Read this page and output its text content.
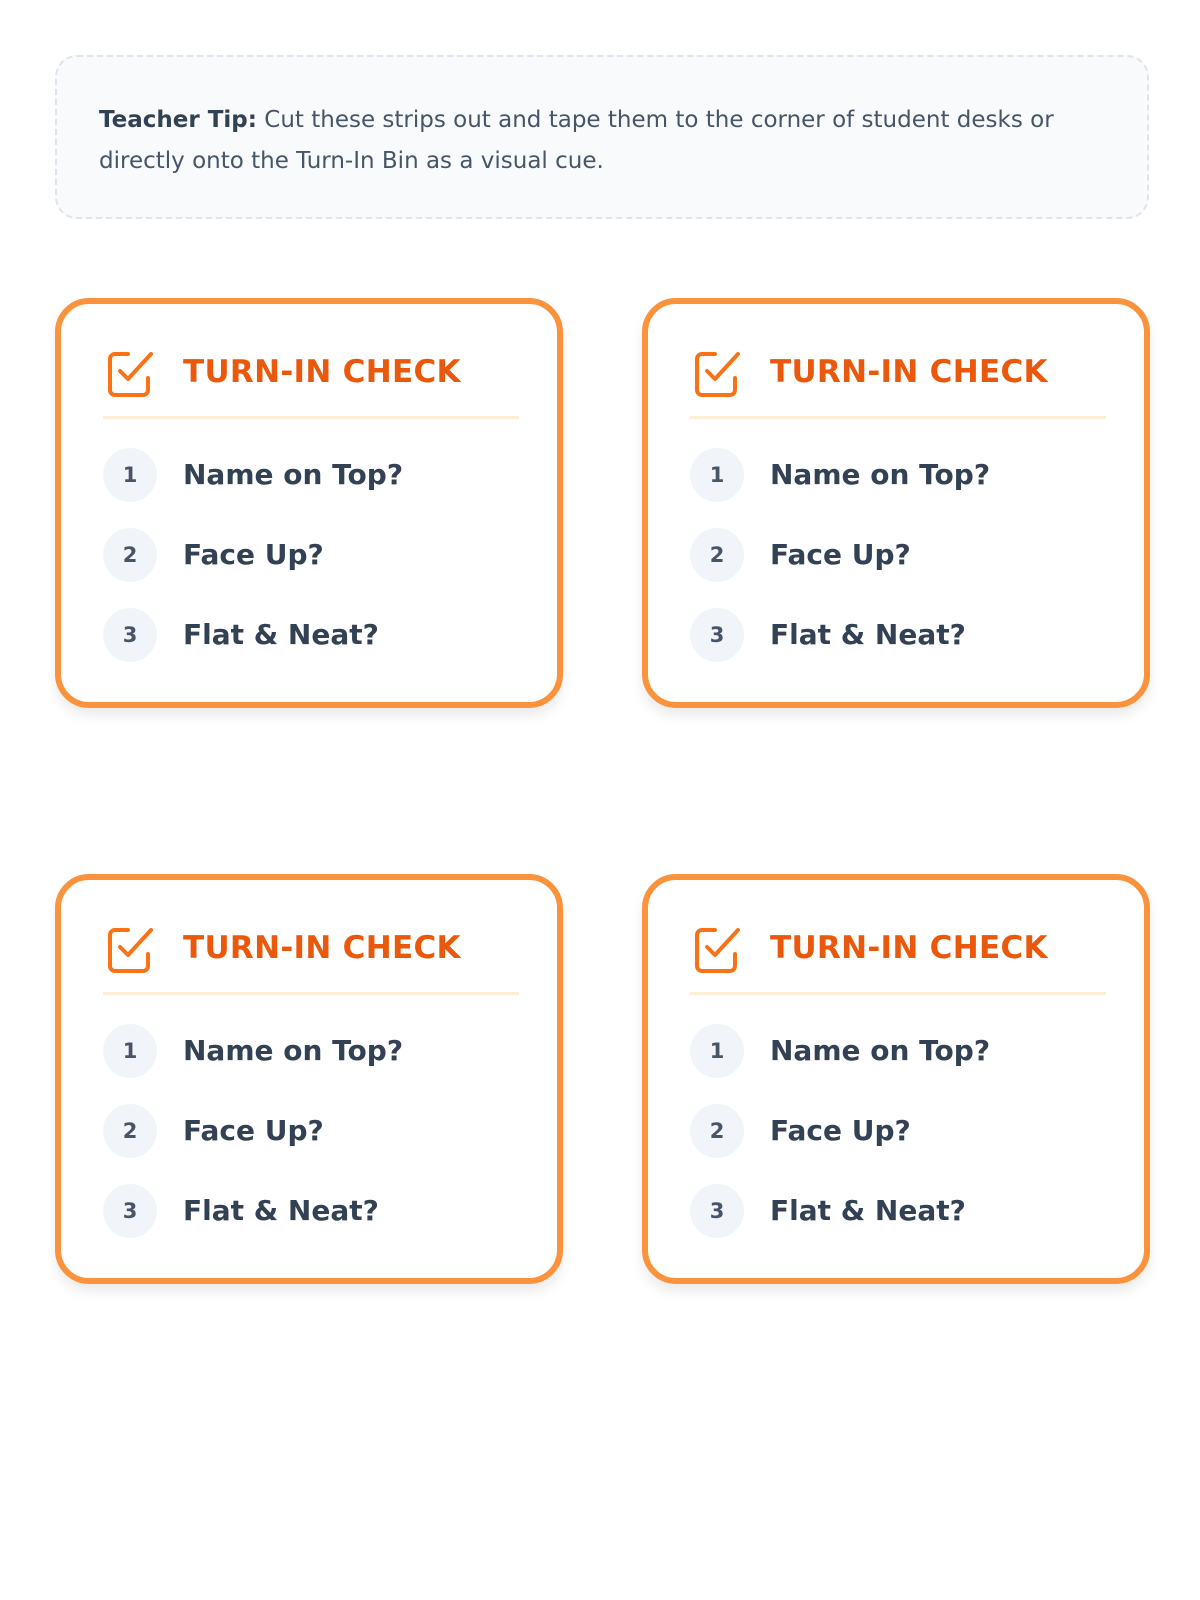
Teacher Tip: Cut these strips out and tape them to the corner of student desks or directly onto the Turn-In Bin as a visual cue.
TURN-IN CHECK
1	Name on Top?
2	Face Up?
3	Flat & Neat?
TURN-IN CHECK
1	Name on Top?
2	Face Up?
3	Flat & Neat?
TURN-IN CHECK
1	Name on Top?
2	Face Up?
3	Flat & Neat?
TURN-IN CHECK
1	Name on Top?
2	Face Up?
3	Flat & Neat?
